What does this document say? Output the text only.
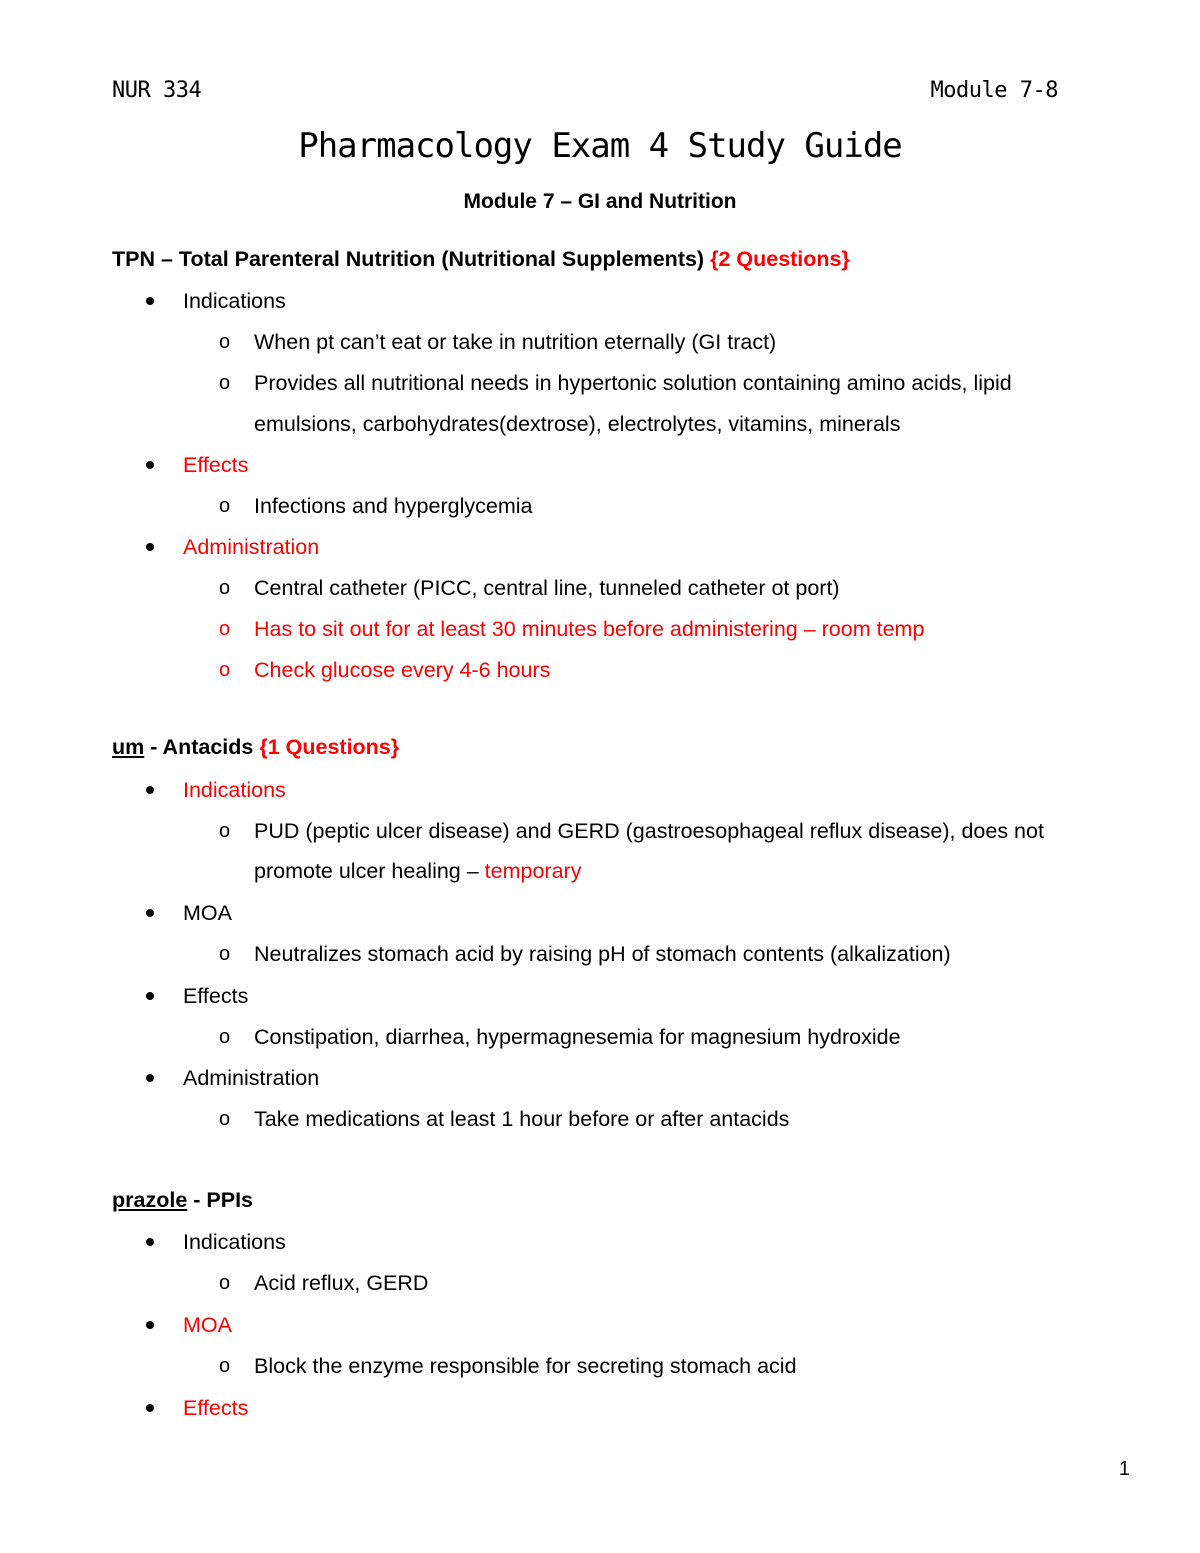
NUR 334	Module 7-8
Pharmacology Exam 4 Study Guide
Module 7 – GI and Nutrition
TPN – Total Parenteral Nutrition (Nutritional Supplements) {2 Questions}
Indications
o When pt can’t eat or take in nutrition eternally (GI tract)
o Provides all nutritional needs in hypertonic solution containing amino acids, lipid
emulsions, carbohydrates(dextrose), electrolytes, vitamins, minerals
Effects
o Infections and hyperglycemia
Administration
o Central catheter (PICC, central line, tunneled catheter ot port)
o Has to sit out for at least 30 minutes before administering – room temp
o Check glucose every 4-6 hours
um - Antacids {1 Questions}
Indications
o PUD (peptic ulcer disease) and GERD (gastroesophageal reflux disease), does not
promote ulcer healing – temporary
MOA
o Neutralizes stomach acid by raising pH of stomach contents (alkalization)
Effects
o Constipation, diarrhea, hypermagnesemia for magnesium hydroxide
Administration
o Take medications at least 1 hour before or after antacids
prazole - PPIs
Indications
o Acid reflux, GERD
MOA
o Block the enzyme responsible for secreting stomach acid
Effects
1
